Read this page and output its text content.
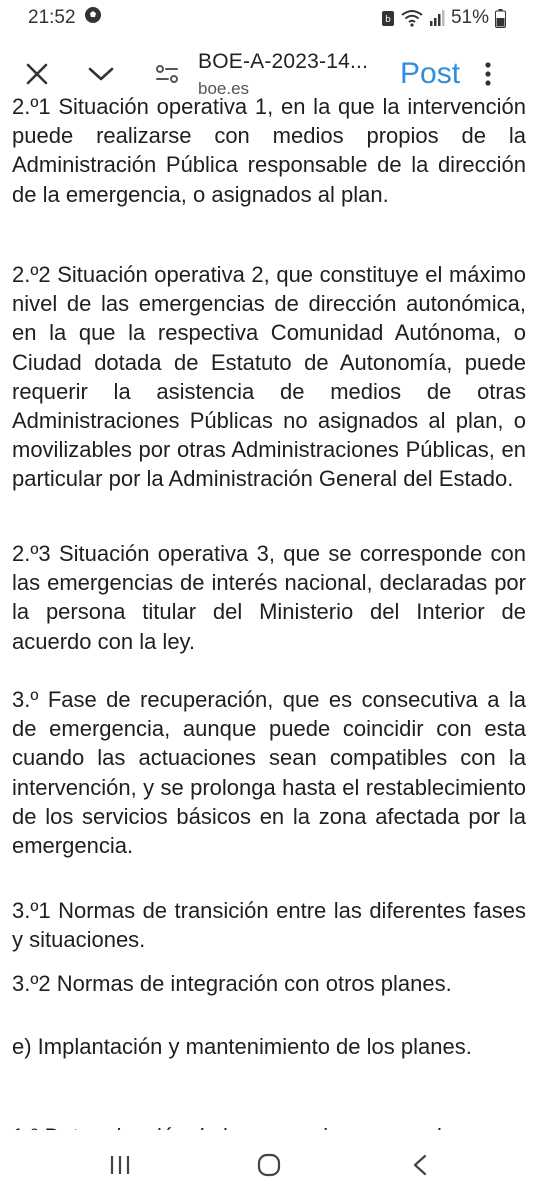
21:52	b	51%
BOE-A-2023-14...
boe.es	Post

2.º1 Situación operativa 1, en la que la intervención puede realizarse con medios propios de la Administración Pública responsable de la dirección de la emergencia, o asignados al plan.

2.º2 Situación operativa 2, que constituye el máximo nivel de las emergencias de dirección autonómica, en la que la respectiva Comunidad Autónoma, o Ciudad dotada de Estatuto de Autonomía, puede requerir la asistencia de medios de otras Administraciones Públicas no asignados al plan, o movilizables por otras Administraciones Públicas, en particular por la Administración General del Estado.

2.º3 Situación operativa 3, que se corresponde con las emergencias de interés nacional, declaradas por la persona titular del Ministerio del Interior de acuerdo con la ley.

3.º Fase de recuperación, que es consecutiva a la de emergencia, aunque puede coincidir con esta cuando las actuaciones sean compatibles con la intervención, y se prolonga hasta el restablecimiento de los servicios básicos en la zona afectada por la emergencia.

3.º1 Normas de transición entre las diferentes fases y situaciones.

3.º2 Normas de integración con otros planes.

e) Implantación y mantenimiento de los planes.
